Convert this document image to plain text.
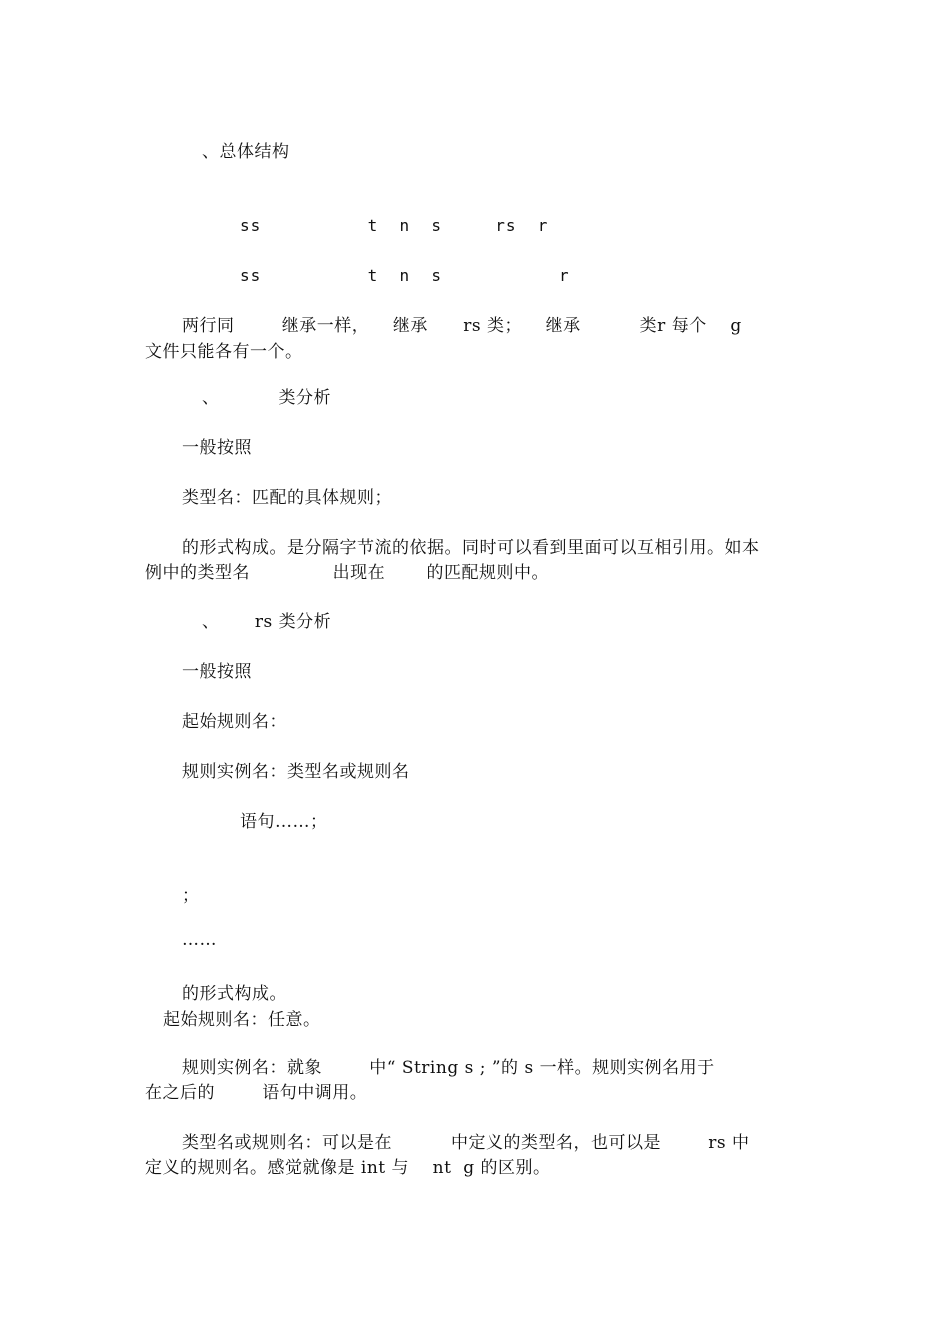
、总体结构
ss          t  n  s     rs  r
ss          t  n  s           r
两行同        继承一样，    继承      rs 类；    继承          类r 每个    g
文件只能各有一个。
、          类分析
一般按照
类型名：匹配的具体规则；
的形式构成。是分隔字节流的依据。同时可以看到里面可以互相引用。如本
例中的类型名              出现在       的匹配规则中。
、      rs 类分析
一般按照
起始规则名：
规则实例名：类型名或规则名
语句……；
；
……
的形式构成。
起始规则名：任意。
规则实例名：就象        中“ String s ; ”的 s 一样。规则实例名用于
在之后的        语句中调用。
类型名或规则名：可以是在          中定义的类型名，也可以是        rs 中
定义的规则名。感觉就像是 int 与    nt  g 的区别。
